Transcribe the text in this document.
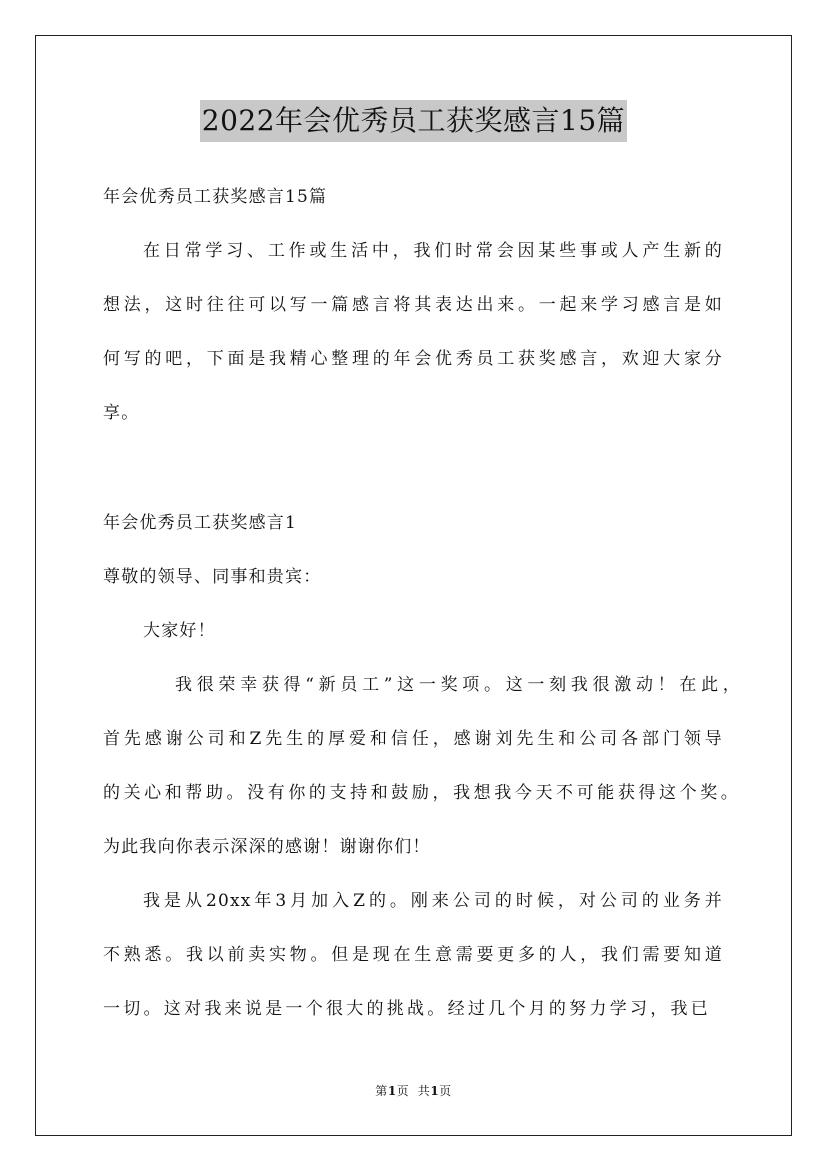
2022年会优秀员工获奖感言15篇
年会优秀员工获奖感言15篇
在日常学习、工作或生活中，我们时常会因某些事或人产生新的
想法，这时往往可以写一篇感言将其表达出来。一起来学习感言是如
何写的吧，下面是我精心整理的年会优秀员工获奖感言，欢迎大家分
享。
年会优秀员工获奖感言1
尊敬的领导、同事和贵宾：
大家好！
我很荣幸获得“新员工”这一奖项。这一刻我很激动！在此，
首先感谢公司和Z先生的厚爱和信任，感谢刘先生和公司各部门领导
的关心和帮助。没有你的支持和鼓励，我想我今天不可能获得这个奖。
为此我向你表示深深的感谢！谢谢你们！
我是从20xx年3月加入Z的。刚来公司的时候，对公司的业务并
不熟悉。我以前卖实物。但是现在生意需要更多的人，我们需要知道
一切。这对我来说是一个很大的挑战。经过几个月的努力学习，我已
第1页  共1页
